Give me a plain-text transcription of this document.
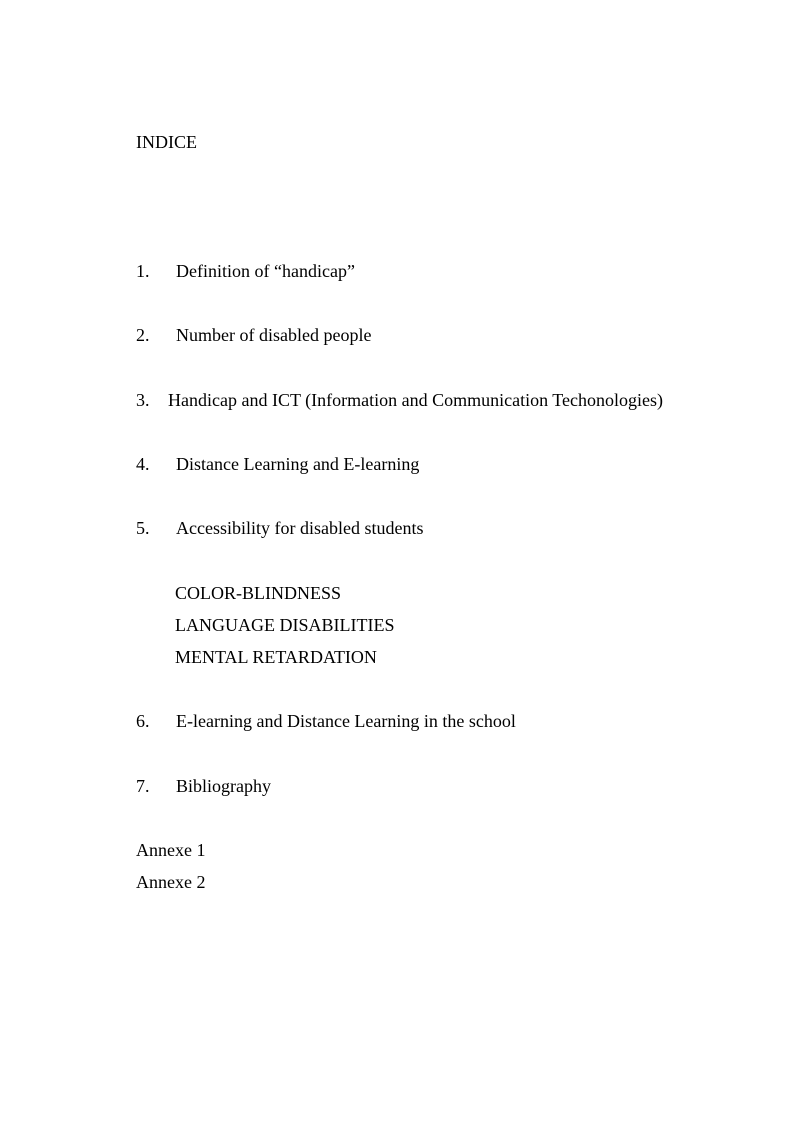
INDICE
1. Definition of “handicap”
2. Number of disabled people
3. Handicap and ICT (Information and Communication Techonologies)
4. Distance Learning and E-learning
5. Accessibility for disabled students
COLOR-BLINDNESS
LANGUAGE DISABILITIES
MENTAL RETARDATION
6. E-learning and Distance Learning in the school
7. Bibliography
Annexe 1
Annexe 2
